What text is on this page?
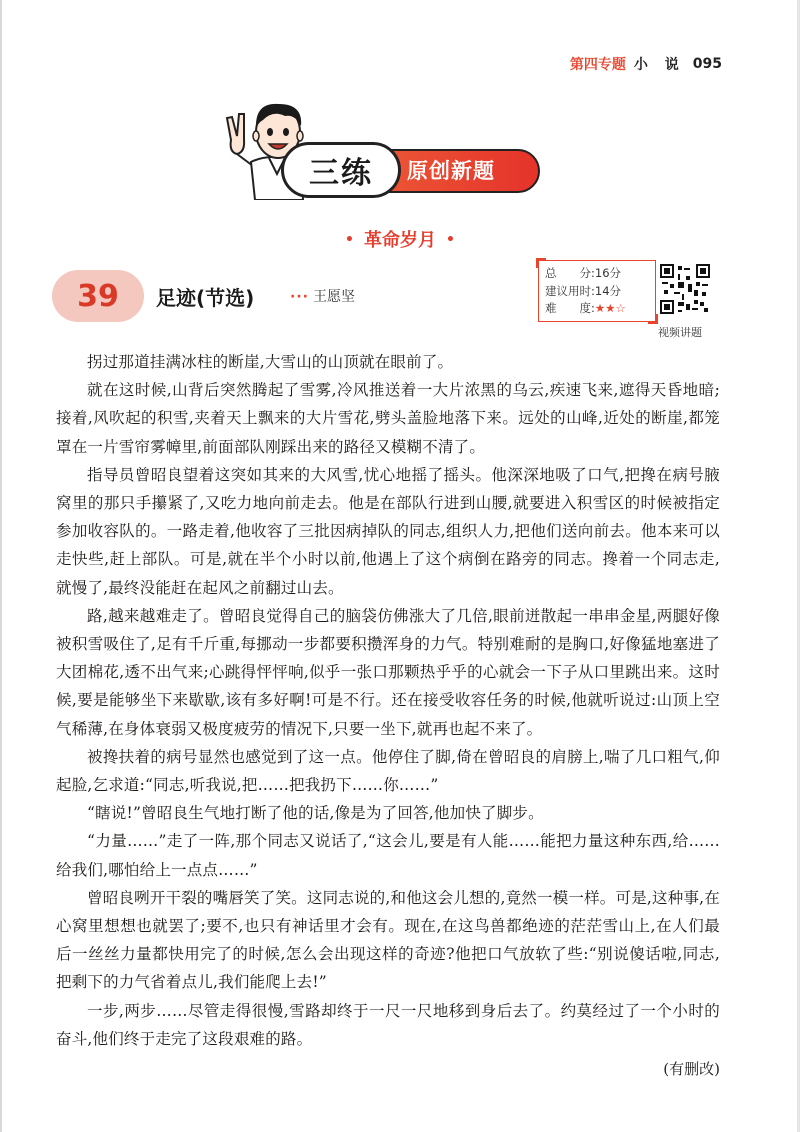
第四专题 小 说 095
三练	原创新题
• 革命岁月 •
39	足迹(节选)	··· 王愿坚
总　　分:16分
建议用时:14分
难　　度:★★☆
视频讲题

拐过那道挂满冰柱的断崖,大雪山的山顶就在眼前了。

就在这时候,山背后突然腾起了雪雾,冷风推送着一大片浓黑的乌云,疾速飞来,遮得天昏地暗;接着,风吹起的积雪,夹着天上飘来的大片雪花,劈头盖脸地落下来。远处的山峰,近处的断崖,都笼罩在一片雪帘雾幛里,前面部队刚踩出来的路径又模糊不清了。

指导员曾昭良望着这突如其来的大风雪,忧心地摇了摇头。他深深地吸了口气,把搀在病号腋窝里的那只手攥紧了,又吃力地向前走去。他是在部队行进到山腰,就要进入积雪区的时候被指定参加收容队的。一路走着,他收容了三批因病掉队的同志,组织人力,把他们送向前去。他本来可以走快些,赶上部队。可是,就在半个小时以前,他遇上了这个病倒在路旁的同志。搀着一个同志走,就慢了,最终没能赶在起风之前翻过山去。

路,越来越难走了。曾昭良觉得自己的脑袋仿佛涨大了几倍,眼前迸散起一串串金星,两腿好像被积雪吸住了,足有千斤重,每挪动一步都要积攒浑身的力气。特别难耐的是胸口,好像猛地塞进了大团棉花,透不出气来;心跳得怦怦响,似乎一张口那颗热乎乎的心就会一下子从口里跳出来。这时候,要是能够坐下来歇歇,该有多好啊!可是不行。还在接受收容任务的时候,他就听说过:山顶上空气稀薄,在身体衰弱又极度疲劳的情况下,只要一坐下,就再也起不来了。

被搀扶着的病号显然也感觉到了这一点。他停住了脚,倚在曾昭良的肩膀上,喘了几口粗气,仰起脸,乞求道:“同志,听我说,把……把我扔下……你……”

“瞎说!”曾昭良生气地打断了他的话,像是为了回答,他加快了脚步。

“力量……”走了一阵,那个同志又说话了,“这会儿,要是有人能……能把力量这种东西,给……给我们,哪怕给上一点点……”

曾昭良咧开干裂的嘴唇笑了笑。这同志说的,和他这会儿想的,竟然一模一样。可是,这种事,在心窝里想想也就罢了;要不,也只有神话里才会有。现在,在这鸟兽都绝迹的茫茫雪山上,在人们最后一丝丝力量都快用完了的时候,怎么会出现这样的奇迹?他把口气放软了些:“别说傻话啦,同志,把剩下的力气省着点儿,我们能爬上去!”

一步,两步……尽管走得很慢,雪路却终于一尺一尺地移到身后去了。约莫经过了一个小时的奋斗,他们终于走完了这段艰难的路。

(有删改)
